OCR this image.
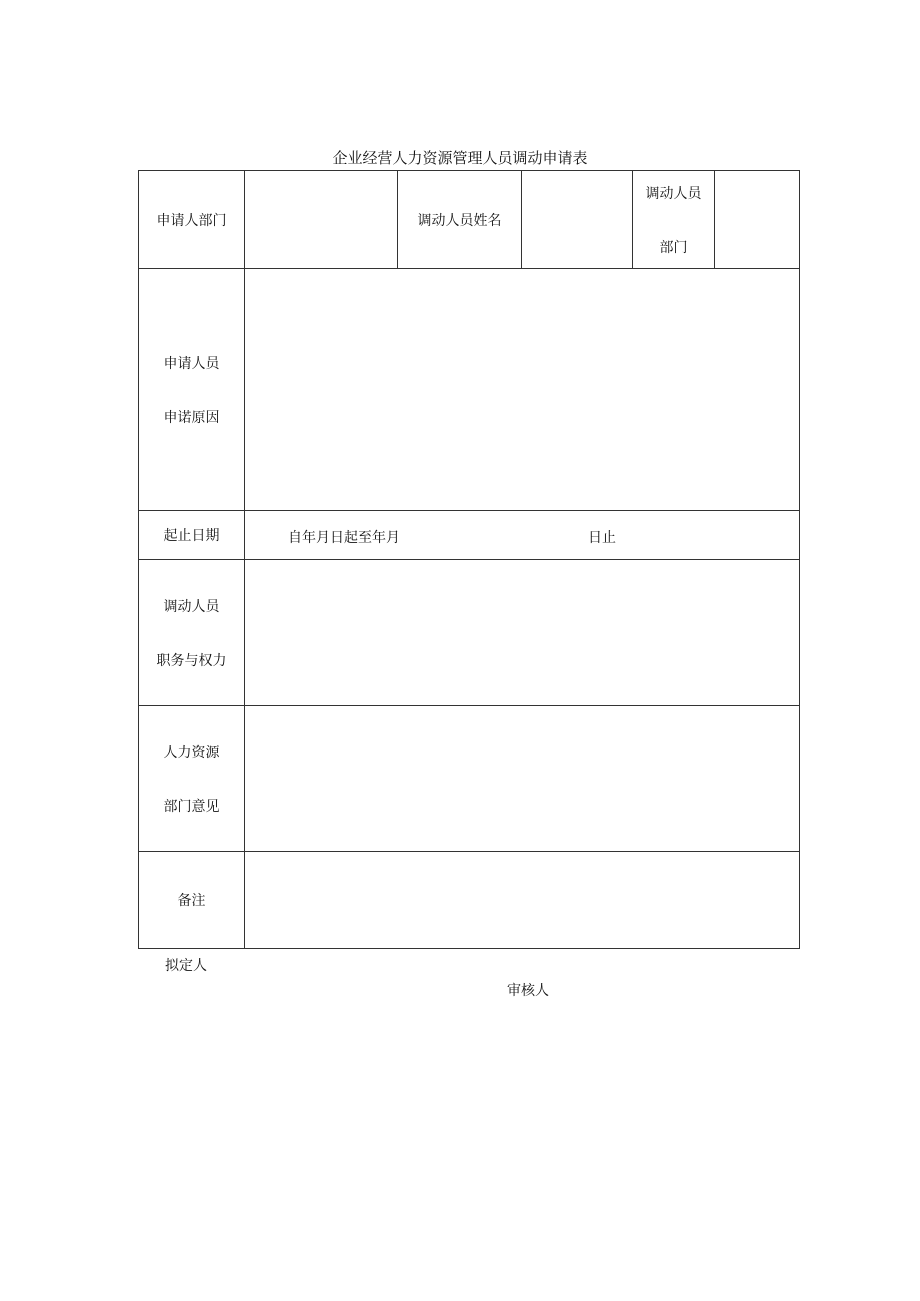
企业经营人力资源管理人员调动申请表
申请人部门		调动人员姓名		调动人员
部门	

申请人员
申诺原因					

起止日期	自年月日起至年月 日止				

调动人员
职务与权力					

人力资源
部门意见					

备注					
拟定人
审核人
